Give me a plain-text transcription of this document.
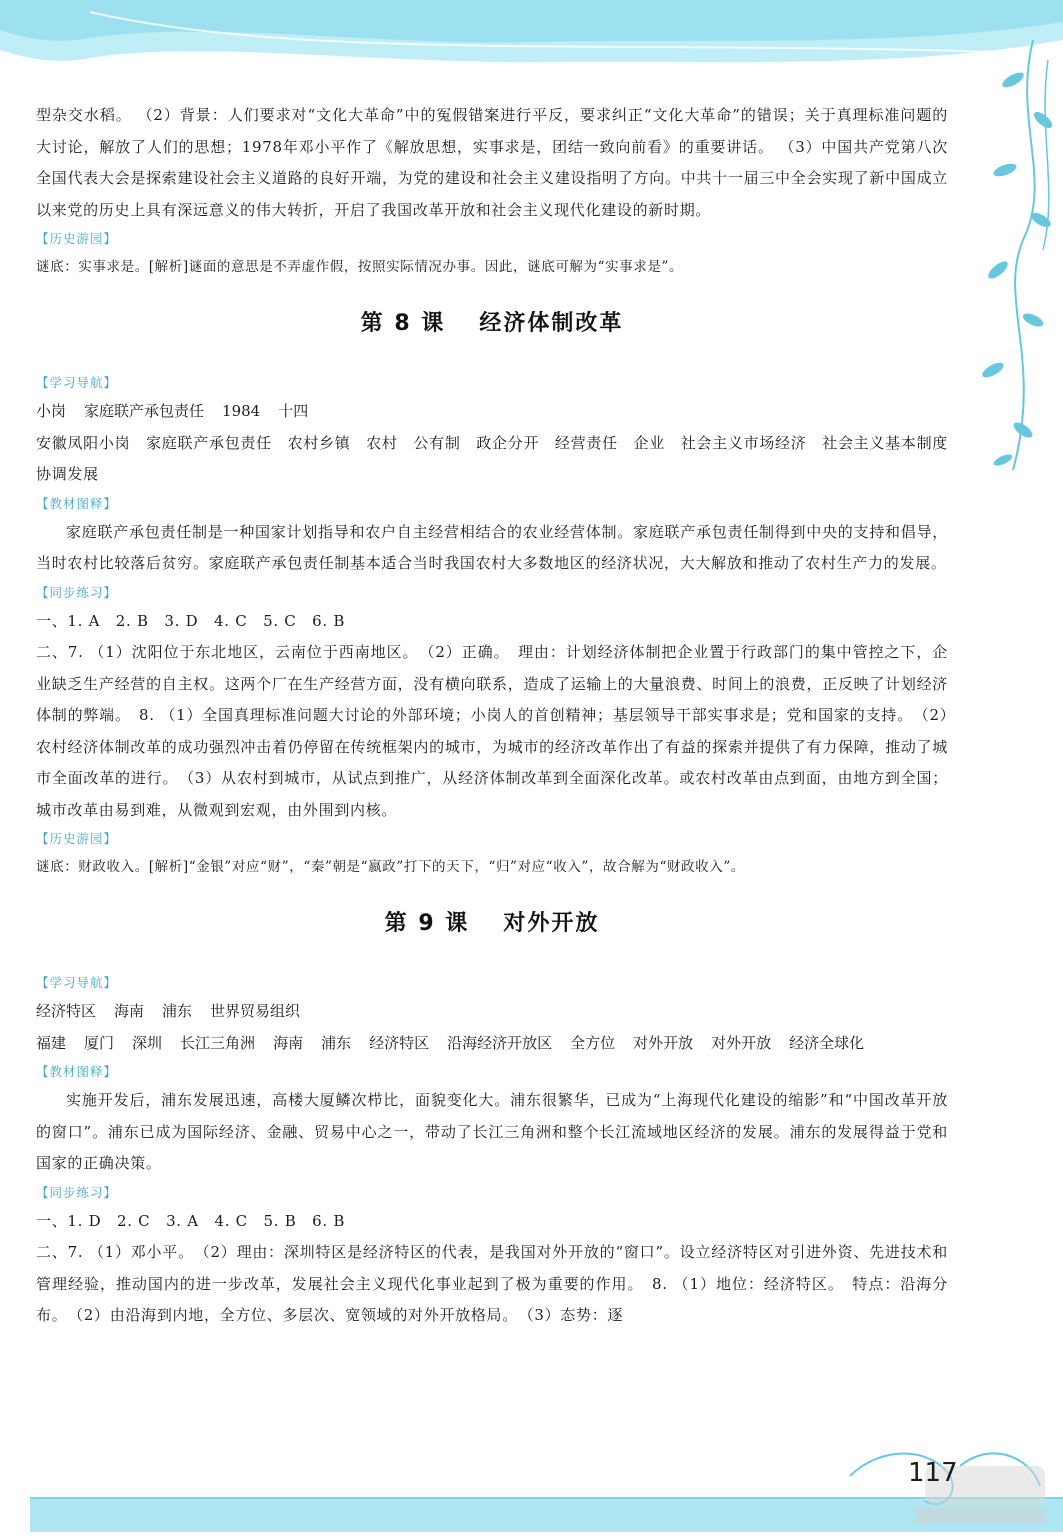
117

型杂交水稻。 （2）背景：人们要求对“文化大革命”中的冤假错案进行平反，要求纠正“文化大革命”的错误；关于真理标准问题的大讨论，解放了人们的思想；1978年邓小平作了《解放思想，实事求是，团结一致向前看》的重要讲话。 （3）中国共产党第八次全国代表大会是探索建设社会主义道路的良好开端，为党的建设和社会主义建设指明了方向。中共十一届三中全会实现了新中国成立以来党的历史上具有深远意义的伟大转折，开启了我国改革开放和社会主义现代化建设的新时期。

【 历史游园 】

谜底：实事求是。[解析]谜面的意思是不弄虚作假，按照实际情况办事。因此，谜底可解为“实事求是”。

第 8 课 经济体制改革
【 学习导航 】
小岗 家庭联产承包责任 1984 十四

安徽凤阳小岗　家庭联产承包责任　农村乡镇　农村　公有制　政企分开　经营责任　企业　社会主义市场经济　社会主义基本制度　协调发展

【 教材图释 】

家庭联产承包责任制是一种国家计划指导和农户自主经营相结合的农业经营体制。家庭联产承包责任制得到中央的支持和倡导，当时农村比较落后贫穷。家庭联产承包责任制基本适合当时我国农村大多数地区的经济状况，大大解放和推动了农村生产力的发展。

【 同步练习 】

一、1. A　2. B　3. D　4. C　5. C　6. B

二、7. （1）沈阳位于东北地区，云南位于西南地区。　（2）正确。　理由：计划经济体制把企业置于行政部门的集中管控之下，企业缺乏生产经营的自主权。这两个厂在生产经营方面，没有横向联系，造成了运输上的大量浪费、时间上的浪费，正反映了计划经济体制的弊端。　8. （1）全国真理标准问题大讨论的外部环境；小岗人的首创精神；基层领导干部实事求是；党和国家的支持。　（2）农村经济体制改革的成功强烈冲击着仍停留在传统框架内的城市，为城市的经济改革作出了有益的探索并提供了有力保障，推动了城市全面改革的进行。　（3）从农村到城市，从试点到推广，从经济体制改革到全面深化改革。或农村改革由点到面，由地方到全国；城市改革由易到难，从微观到宏观，由外围到内核。

【 历史游园 】

谜底：财政收入。[解析]“金银”对应“财”，“秦”朝是“嬴政”打下的天下，“归”对应“收入”，故合解为“财政收入”。

第 9 课 对外开放
【 学习导航 】
经济特区 海南 浦东 世界贸易组织
福建 厦门 深圳 长江三角洲 海南 浦东 经济特区 沿海经济开放区 全方位 对外开放 对外开放 经济全球化
【 教材图释 】

实施开发后，浦东发展迅速，高楼大厦鳞次栉比，面貌变化大。浦东很繁华，已成为“上海现代化建设的缩影”和“中国改革开放的窗口”。浦东已成为国际经济、金融、贸易中心之一，带动了长江三角洲和整个长江流域地区经济的发展。浦东的发展得益于党和国家的正确决策。

【 同步练习 】

一、1. D　2. C　3. A　4. C　5. B　6. B

二、7. （1）邓小平。　（2）理由：深圳特区是经济特区的代表，是我国对外开放的“窗口”。设立经济特区对引进外资、先进技术和管理经验，推动国内的进一步改革，发展社会主义现代化事业起到了极为重要的作用。　8. （1）地位：经济特区。　特点：沿海分布。　（2）由沿海到内地，全方位、多层次、宽领域的对外开放格局。　（3）态势：逐
